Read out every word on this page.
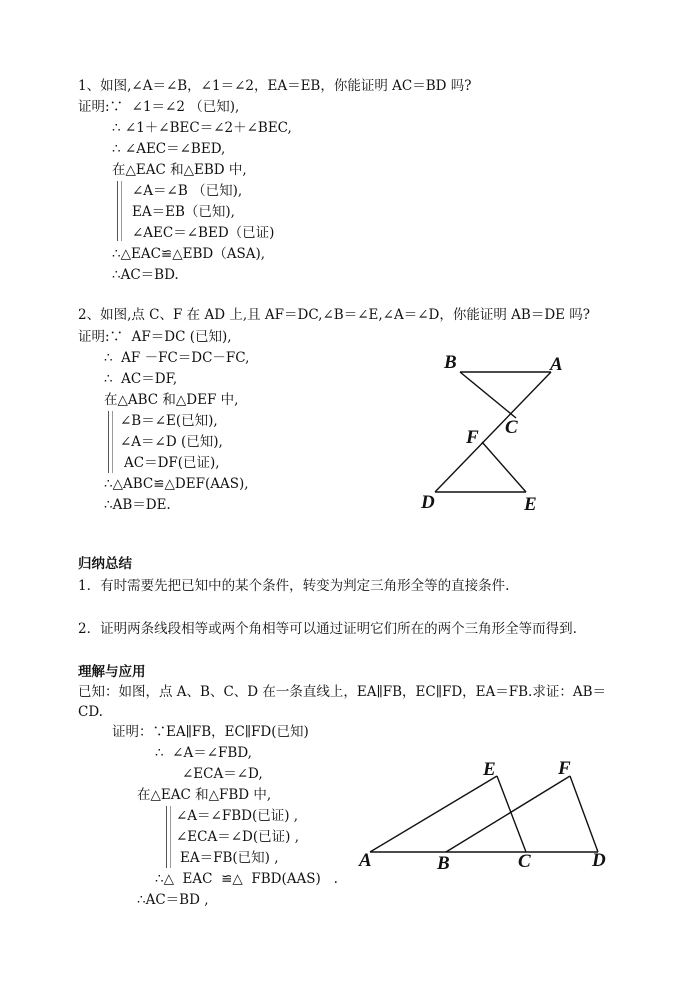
1、如图,∠A＝∠B，∠1＝∠2，EA＝EB，你能证明 AC＝BD 吗?
证明:∵  ∠1＝∠2 （已知),
∴ ∠1＋∠BEC＝∠2＋∠BEC,
∴ ∠AEC＝∠BED,
在△EAC 和△EBD 中,
∠A＝∠B （已知),
EA＝EB（已知),
∠AEC＝∠BED（已证)
∴△EAC≌△EBD（ASA),
∴AC＝BD.
2、如图,点 C、F 在 AD 上,且 AF＝DC,∠B＝∠E,∠A＝∠D，你能证明 AB＝DE 吗?
证明:∵  AF＝DC (已知),
∴  AF －FC＝DC－FC,
∴  AC＝DF,
在△ABC 和△DEF 中,
∠B＝∠E(已知),
∠A＝∠D (已知),
AC＝DF(已证),
∴△ABC≌△DEF(AAS),
∴AB＝DE.
B	A
C
F
D	E
归纳总结
1．有时需要先把已知中的某个条件，转变为判定三角形全等的直接条件.
2．证明两条线段相等或两个角相等可以通过证明它们所在的两个三角形全等而得到.
理解与应用
已知：如图，点 A、B、C、D 在一条直线上，EA∥FB，EC∥FD，EA＝FB.求证：AB＝
CD.
证明：∵EA∥FB，EC∥FD(已知)
∴  ∠A＝∠FBD,
∠ECA＝∠D,
在△EAC 和△FBD 中,
∠A＝∠FBD(已证) ,
∠ECA＝∠D(已证) ,
EA＝FB(已知) ,
∴△  EAC  ≌△  FBD(AAS)   .
∴AC＝BD ,
E	F
A	B	C	D
